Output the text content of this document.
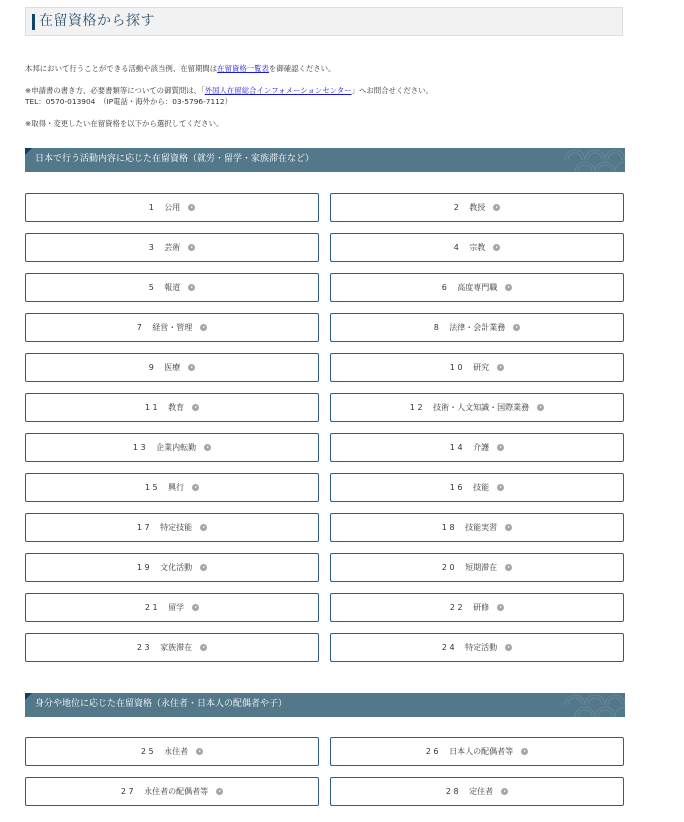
在留資格から探す
本邦において行うことができる活動や該当例、在留期間は在留資格一覧表を御確認ください。
※申請書の書き方、必要書類等についての御質問は、「外国人在留総合インフォメーションセンター」へお問合せください。
TEL：0570-013904　（IP電話・海外から：03-5796-7112）
※取得・変更したい在留資格を以下から選択してください。
日本で行う活動内容に応じた在留資格（就労・留学・家族滞在など）
1 公用	2 教授
3 芸術	4 宗教
5 報道	6 高度専門職
7 経営・管理	8 法律・会計業務
9 医療	10 研究
11 教育	12 技術・人文知識・国際業務
13 企業内転勤	14 介護
15 興行	16 技能
17 特定技能	18 技能実習
19 文化活動	20 短期滞在
21 留学	22 研修
23 家族滞在	24 特定活動
身分や地位に応じた在留資格（永住者・日本人の配偶者や子）
25 永住者	26 日本人の配偶者等
27 永住者の配偶者等	28 定住者
